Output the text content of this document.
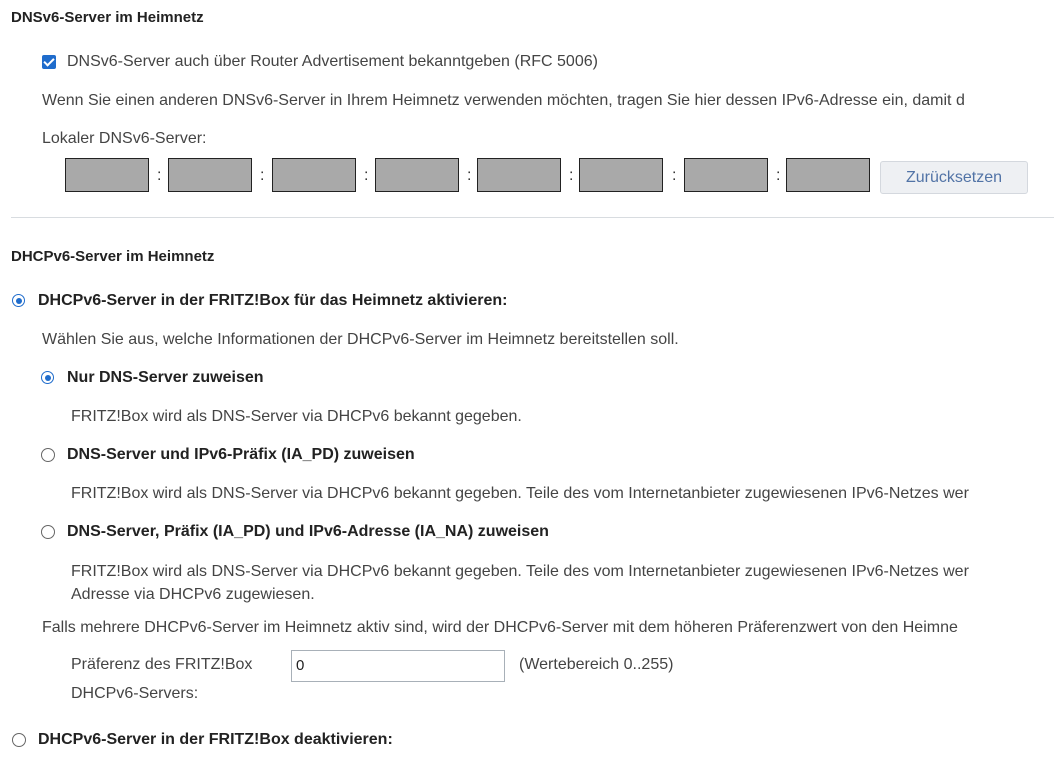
DNSv6-Server im Heimnetz
DNSv6-Server auch über Router Advertisement bekanntgeben (RFC 5006)
Wenn Sie einen anderen DNSv6-Server in Ihrem Heimnetz verwenden möchten, tragen Sie hier dessen IPv6-Adresse ein, damit d
Lokaler DNSv6-Server:
:	:	:	:	:	:	:	Zurücksetzen
DHCPv6-Server im Heimnetz
DHCPv6-Server in der FRITZ!Box für das Heimnetz aktivieren:
Wählen Sie aus, welche Informationen der DHCPv6-Server im Heimnetz bereitstellen soll.
Nur DNS-Server zuweisen
FRITZ!Box wird als DNS-Server via DHCPv6 bekannt gegeben.
DNS-Server und IPv6-Präfix (IA_PD) zuweisen
FRITZ!Box wird als DNS-Server via DHCPv6 bekannt gegeben. Teile des vom Internetanbieter zugewiesenen IPv6-Netzes wer
DNS-Server, Präfix (IA_PD) und IPv6-Adresse (IA_NA) zuweisen
FRITZ!Box wird als DNS-Server via DHCPv6 bekannt gegeben. Teile des vom Internetanbieter zugewiesenen IPv6-Netzes wer
Adresse via DHCPv6 zugewiesen.
Falls mehrere DHCPv6-Server im Heimnetz aktiv sind, wird der DHCPv6-Server mit dem höheren Präferenzwert von den Heimne
Präferenz des FRITZ!Box
DHCPv6-Servers:
0	(Wertebereich 0..255)
DHCPv6-Server in der FRITZ!Box deaktivieren:
